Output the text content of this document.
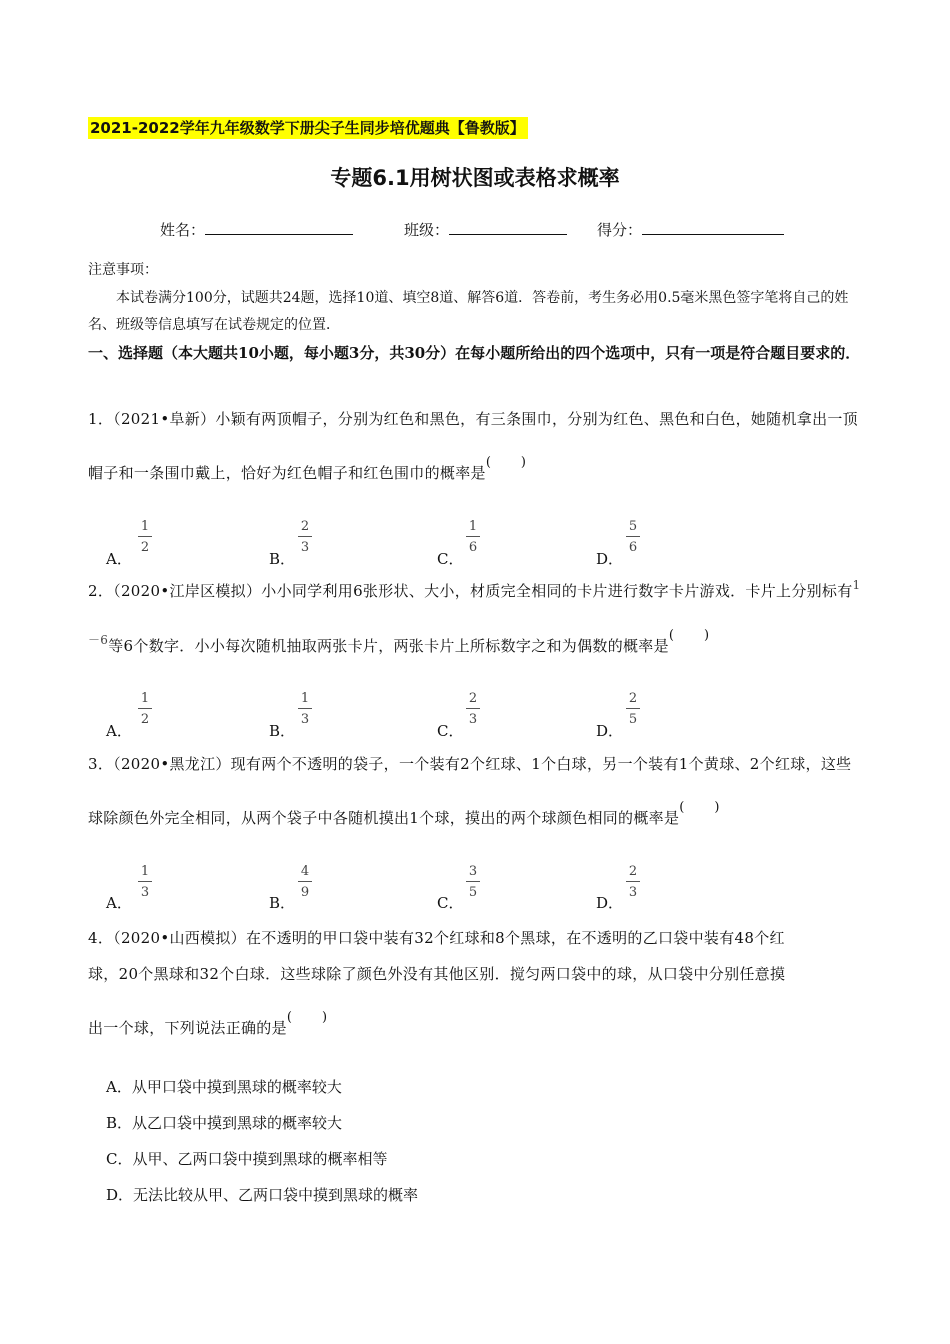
2021-2022学年九年级数学下册尖子生同步培优题典【鲁教版】
专题6.1用树状图或表格求概率
姓名：	班级：	得分：
注意事项：
本试卷满分100分，试题共24题，选择10道、填空8道、解答6道．答卷前，考生务必用0.5毫米黑色签字笔将自己的姓名、班级等信息填写在试卷规定的位置．
一、选择题（本大题共10小题，每小题3分，共30分）在每小题所给出的四个选项中，只有一项是符合题目要求的．
1．（2021•阜新）小颖有两顶帽子，分别为红色和黑色，有三条围巾，分别为红色、黑色和白色，她随机拿出一顶帽子和一条围巾戴上，恰好为红色帽子和红色围巾的概率是( )
A．
1
2
B．
2
3
C．
1
6
D．
5
6
2．（2020•江岸区模拟）小小同学利用6张形状、大小，材质完全相同的卡片进行数字卡片游戏．卡片上分别标有$^{1-6}$等6个数字．小小每次随机抽取两张卡片，两张卡片上所标数字之和为偶数的概率是( )
A．
1
2
B．
1
3
C．
2
3
D．
2
5
3．（2020•黑龙江）现有两个不透明的袋子，一个装有2个红球、1个白球，另一个装有1个黄球、2个红球，这些球除颜色外完全相同，从两个袋子中各随机摸出1个球，摸出的两个球颜色相同的概率是( )
A．
1
3
B．
4
9
C．
3
5
D．
2
3
4．（2020•山西模拟）在不透明的甲口袋中装有32个红球和8个黑球，在不透明的乙口袋中装有48个红
球，20个黑球和32个白球．这些球除了颜色外没有其他区别．搅匀两口袋中的球，从口袋中分别任意摸
出一个球，下列说法正确的是( )
A．从甲口袋中摸到黑球的概率较大
B．从乙口袋中摸到黑球的概率较大
C．从甲、乙两口袋中摸到黑球的概率相等
D．无法比较从甲、乙两口袋中摸到黑球的概率
